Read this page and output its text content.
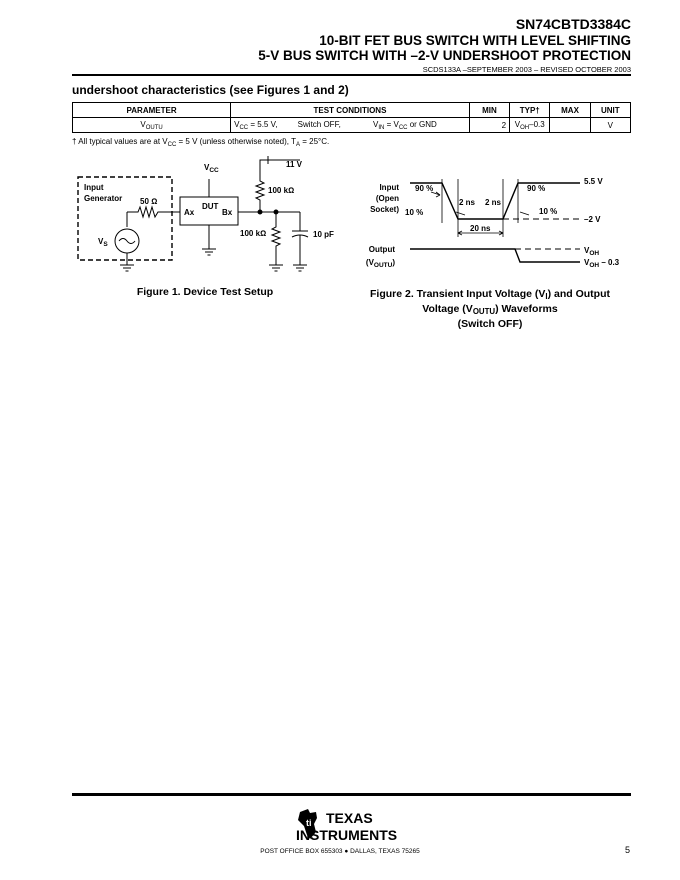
SN74CBTD3384C
10-BIT FET BUS SWITCH WITH LEVEL SHIFTING
5-V BUS SWITCH WITH –2-V UNDERSHOOT PROTECTION
SCDS133A –SEPTEMBER 2003 – REVISED OCTOBER 2003
undershoot characteristics (see Figures 1 and 2)
PARAMETER	TEST CONDITIONS	MIN	TYP†	MAX	UNIT
$V_{OUTU}$	$V_{CC} = 5.5$ V, Switch OFF, $V_{IN} = V_{CC}$ or GND	2	$V_{OH}-0.3$		V
† All typical values are at $V_{CC} = 5$ V (unless otherwise noted), $T_A = 25^\circ C$.
$V_{CC}$
Input
Generator 50 Ω
DUT
Ax	Bx
11 V
100 kΩ
100 kΩ	10 pF
$V_S$
Figure 1. Device Test Setup
Input
(Open
Socket)
90 %	90 %
10 %	10 %
2 ns 2 ns
20 ns
5.5 V
–2 V
Output
$(V_{OUTU})$
$V_{OH}$
$V_{OH} - 0.3$
Figure 2. Transient Input Voltage $(V_I)$ and Output
Voltage $(V_{OUTU})$ Waveforms
(Switch OFF)
ti TEXAS
INSTRUMENTS
POST OFFICE BOX 655303 ● DALLAS, TEXAS 75265	5
